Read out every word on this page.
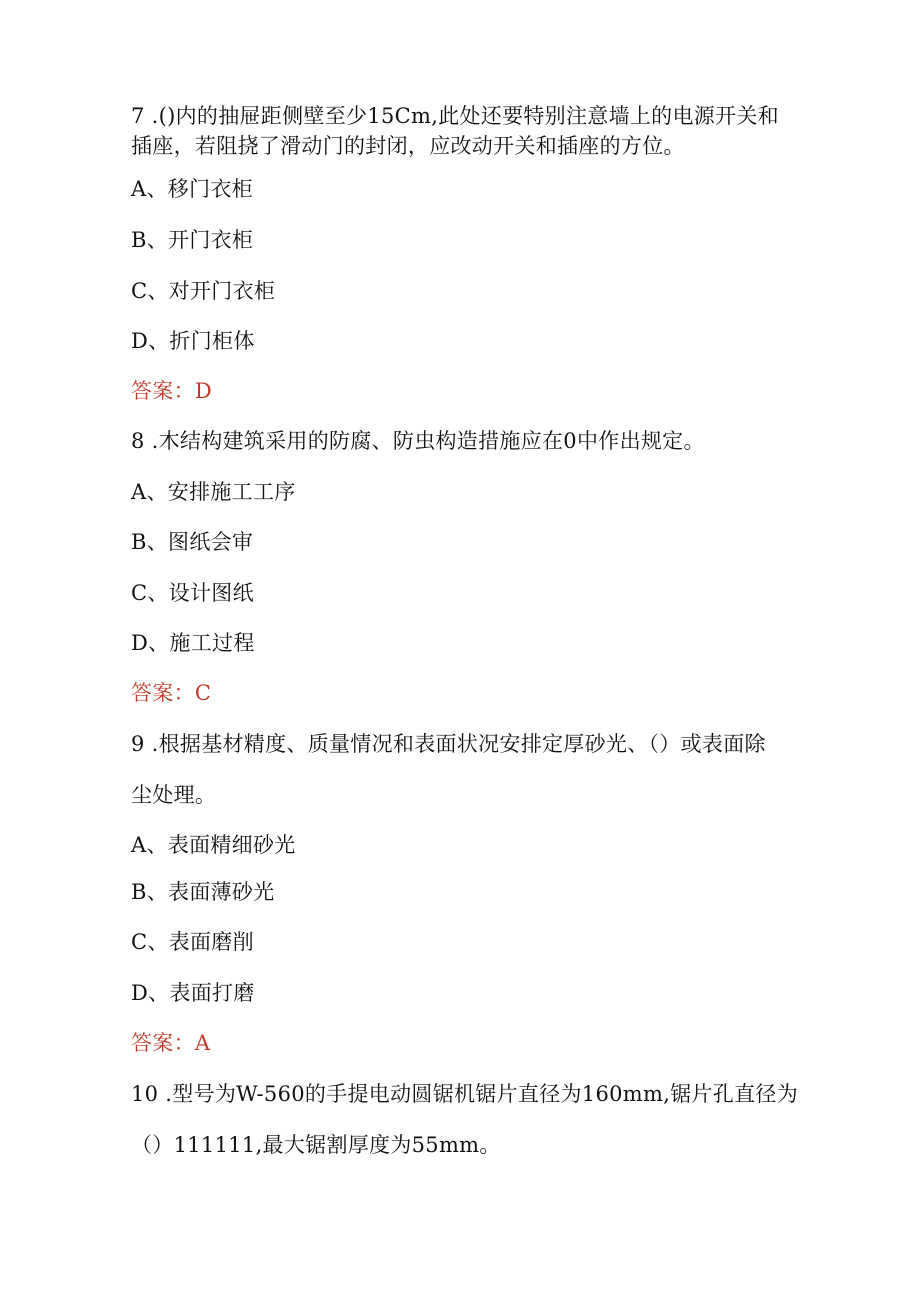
7 .()内的抽屉距侧壁至少15Cm,此处还要特别注意墙上的电源开关和
插座，若阻挠了滑动门的封闭，应改动开关和插座的方位。
A、移门衣柜
B、开门衣柜
C、对开门衣柜
D、折门柜体
答案：D
8 .木结构建筑采用的防腐、防虫构造措施应在0中作出规定。
A、安排施工工序
B、图纸会审
C、设计图纸
D、施工过程
答案：C
9 .根据基材精度、质量情况和表面状况安排定厚砂光、（）或表面除
尘处理。
A、表面精细砂光
B、表面薄砂光
C、表面磨削
D、表面打磨
答案：A
10 .型号为W-560的手提电动圆锯机锯片直径为160mm,锯片孔直径为
（）111111,最大锯割厚度为55mm。
